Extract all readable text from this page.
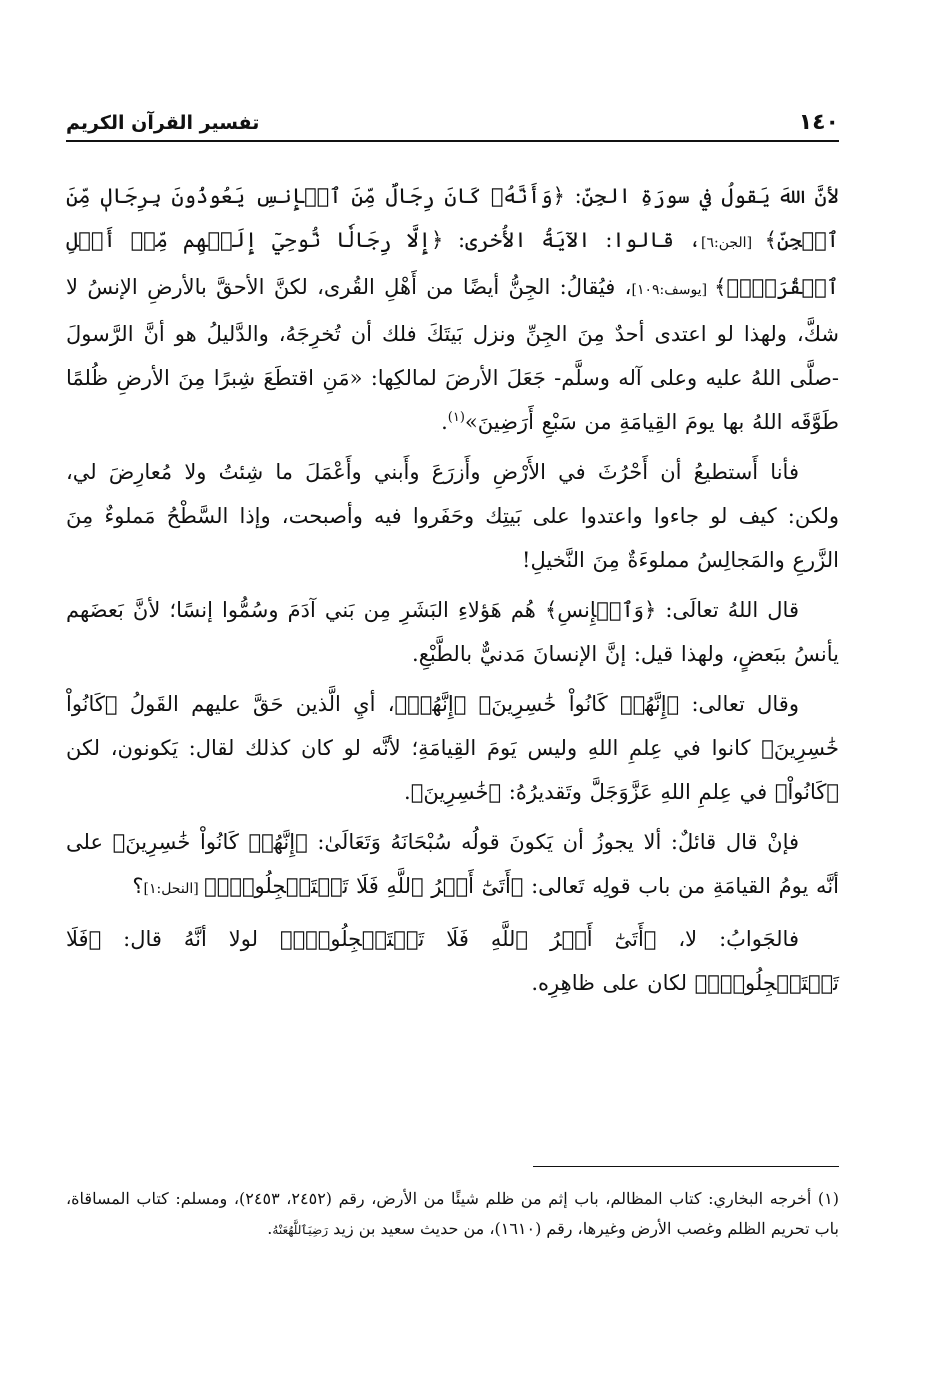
١٤٠
تفسير القرآن الكريم

لأنَّ اللهَ يَقولُ في سورَةِ الجِنِّ: ﴿وَأَنَّهُۥ كَانَ رِجَالٌ مِّنَ ٱلۡإِنسِ يَعُوذُونَ بِرِجَالٖ مِّنَ ٱلۡجِنِّ﴾ [الجن:٦]، قالوا: الآيَةُ الأُخرى: ﴿إِلَّا رِجَالٗا نُّوحِيٓ إِلَيۡهِم مِّنۡ أَهۡلِ ٱلۡقُرَىٰٓۗ﴾ [يوسف:١٠٩]، فيُقالُ: الجِنُّ أيضًا من أَهْلِ القُرى، لكنَّ الأحقَّ بالأرضِ الإنسُ لا شكَّ، ولهذا لو اعتدى أحدٌ مِنَ الجِنِّ ونزل بَيتَكَ فلك أن تُخرِجَهُ، والدَّليلُ هو أنَّ الرَّسولَ -صلَّى اللهُ عليه وعلى آله وسلَّم- جَعَلَ الأرضَ لمالكِها: «مَنِ اقتطَعَ شِبرًا مِنَ الأرضِ ظُلمًا طَوَّقَه اللهُ بها يومَ القِيامَةِ من سَبْعِ أَرَضِينَ»$^{(١)}$.

فأنا أَستطيعُ أن أَحْرُثَ في الأَرْضِ وأَزرَعَ وأَبني وأَعْمَلَ ما شِئتُ ولا مُعارِضَ لي، ولكن: كيف لو جاءوا واعتدوا على بَيتِك وحَفَروا فيه وأصبحت، وإذا السَّطْحُ مَملوءٌ مِنَ الزَّرعِ والمَجالِسُ مملوءَةٌ مِنَ النَّخيلِ!

قال اللهُ تعالَى: ﴿وَٱلۡإِنسِ﴾ هُم هَؤلاءِ البَشَرِ مِن بَني آدَمَ وسُمُّوا إنسًا؛ لأنَّ بَعضَهم يأنسُ ببَعضٍ، ولهذا قيل: إنَّ الإنسانَ مَدنيٌّ بالطَّبْعِ.

وقال تعالى: ﴿إِنَّهُمۡ كَانُواْ خَٰسِرِينَ﴾ ﴿إِنَّهُمۡ﴾، أيِ الَّذين حَقَّ عليهم القَولُ ﴿كَانُواْ خَٰسِرِينَ﴾ كانوا في عِلمِ اللهِ وليس يَومَ القِيامَةِ؛ لأنَّه لو كان كذلك لقال: يَكونون، لكن ﴿كَانُواْ﴾ في عِلمِ اللهِ عَزَّوَجَلَّ وتَقديرُهُ: ﴿خَٰسِرِينَ﴾.

فإنْ قال قائلٌ: ألا يجوزُ أن يَكونَ قولُه سُبْحَانَهُ وَتَعَالَىٰ: ﴿إِنَّهُمۡ كَانُواْ خَٰسِرِينَ﴾ على أنَّه يومُ القيامَةِ من باب قولِه تَعالى: ﴿أَتَىٰٓ أَمۡرُ ٱللَّهِ فَلَا تَسۡتَعۡجِلُوهُۚ﴾ [النحل:١]؟

فالجَوابُ: لا، ﴿أَتَىٰٓ أَمۡرُ ٱللَّهِ فَلَا تَسۡتَعۡجِلُوهُۚ﴾ لولا أنَّهُ قال: ﴿فَلَا تَسۡتَعۡجِلُوهُۚ﴾ لكان على ظاهِرِه.

(١) أخرجه البخاري: كتاب المظالم، باب إثم من ظلم شيئًا من الأرض، رقم (٢٤٥٢، ٢٤٥٣)، ومسلم: كتاب المساقاة، باب تحريم الظلم وغصب الأرض وغيرها، رقم (١٦١٠)، من حديث سعيد بن زيد رَضِيَٱللَّهُعَنْهُ.
